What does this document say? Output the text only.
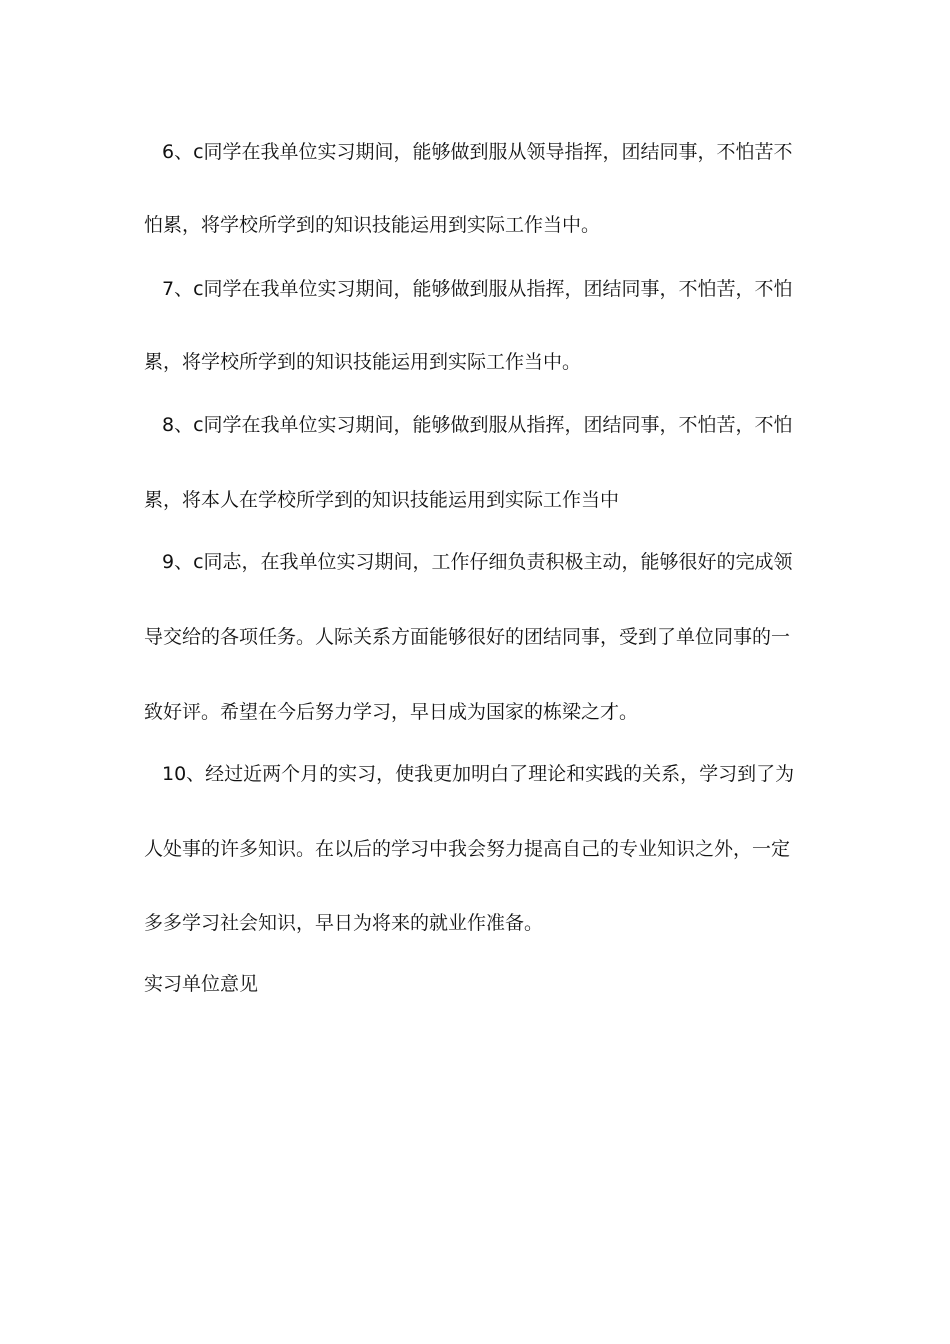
6、c同学在我单位实习期间，能够做到服从领导指挥，团结同事，不怕苦不
怕累，将学校所学到的知识技能运用到实际工作当中。
7、c同学在我单位实习期间，能够做到服从指挥，团结同事，不怕苦，不怕
累，将学校所学到的知识技能运用到实际工作当中。
8、c同学在我单位实习期间，能够做到服从指挥，团结同事，不怕苦，不怕
累，将本人在学校所学到的知识技能运用到实际工作当中
9、c同志，在我单位实习期间，工作仔细负责积极主动，能够很好的完成领
导交给的各项任务。人际关系方面能够很好的团结同事，受到了单位同事的一
致好评。希望在今后努力学习，早日成为国家的栋梁之才。
10、经过近两个月的实习，使我更加明白了理论和实践的关系，学习到了为
人处事的许多知识。在以后的学习中我会努力提高自己的专业知识之外，一定
多多学习社会知识，早日为将来的就业作准备。
实习单位意见
